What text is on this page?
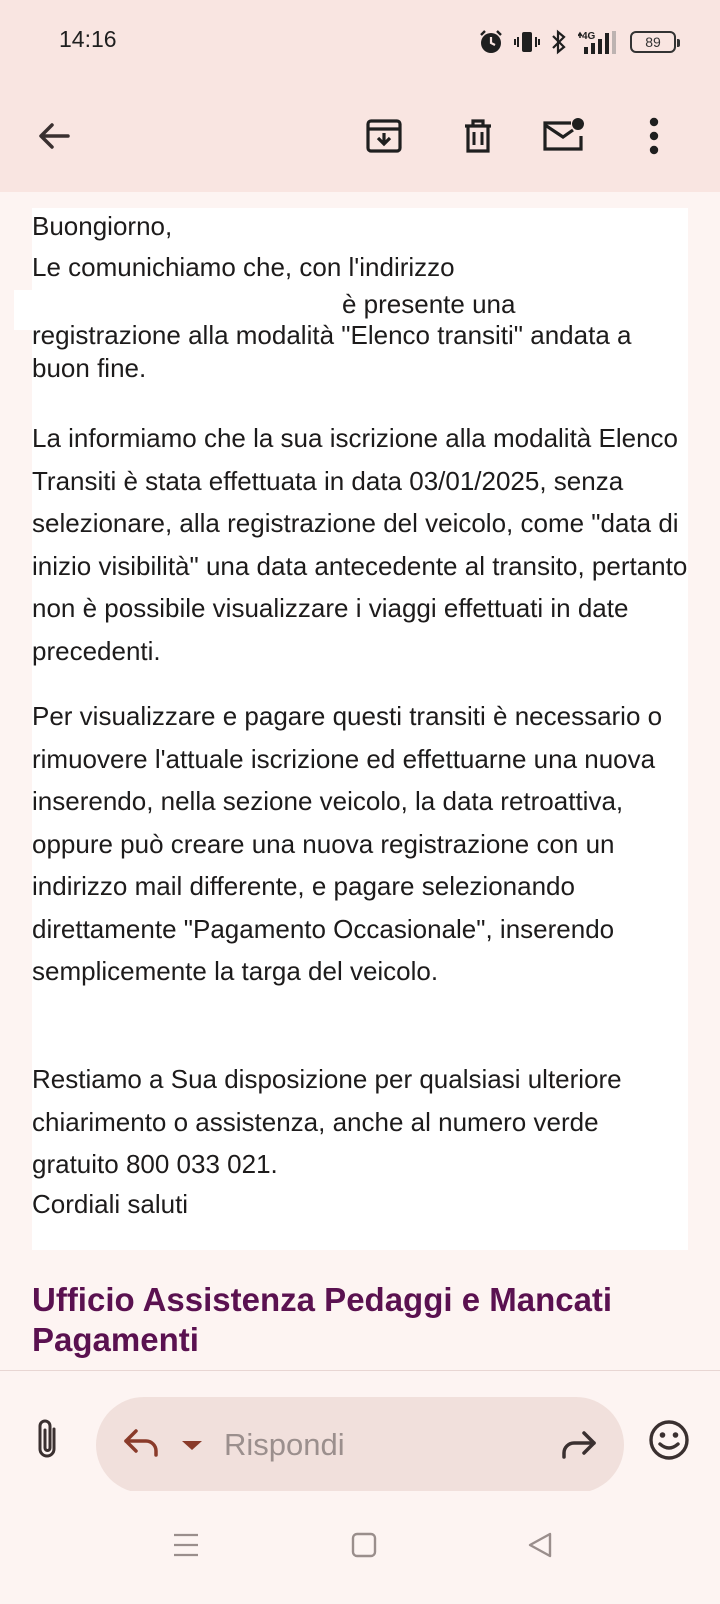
14:16	4G	89
Buongiorno,
Le comunichiamo che, con l'indirizzo
è presente una
registrazione alla modalità "Elenco transiti" andata a buon fine.
La informiamo che la sua iscrizione alla modalità Elenco Transiti è stata effettuata in data 03/01/2025, senza selezionare, alla registrazione del veicolo, come "data di inizio visibilità" una data antecedente al transito, pertanto non è possibile visualizzare i viaggi effettuati in date precedenti.
Per visualizzare e pagare questi transiti è necessario o rimuovere l'attuale iscrizione ed effettuarne una nuova inserendo, nella sezione veicolo, la data retroattiva, oppure può creare una nuova registrazione con un indirizzo mail differente, e pagare selezionando direttamente "Pagamento Occasionale", inserendo semplicemente la targa del veicolo.
Restiamo a Sua disposizione per qualsiasi ulteriore chiarimento o assistenza, anche al numero verde gratuito 800 033 021.
Cordiali saluti
Ufficio Assistenza Pedaggi e Mancati Pagamenti
Rispondi
